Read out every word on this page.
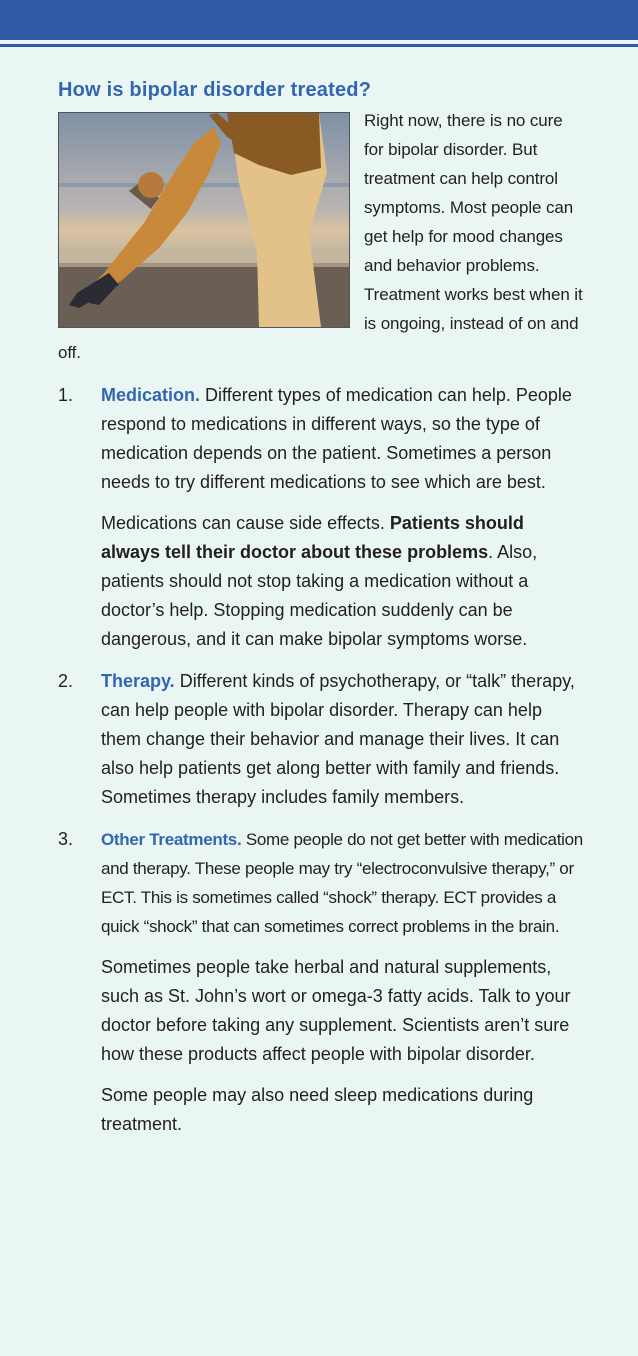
How is bipolar disorder treated?
Right now, there is no cure for bipolar disorder. But treatment can help control symptoms. Most people can get help for mood changes and behavior problems. Treatment works best when it is ongoing, instead of on and off.
1.	Medication. Different types of medication can help. People respond to medications in different ways, so the type of medication depends on the patient. Sometimes a person needs to try different medications to see which are best.

Medications can cause side effects. Patients should always tell their doctor about these problems. Also, patients should not stop taking a medication without a doctor’s help. Stopping medication suddenly can be dangerous, and it can make bipolar symptoms worse.

2.	Therapy. Different kinds of psychotherapy, or “talk” therapy, can help people with bipolar disorder. Therapy can help them change their behavior and manage their lives. It can also help patients get along better with family and friends. Sometimes therapy includes family members.

3.	Other Treatments. Some people do not get better with medication and therapy. These people may try “electroconvulsive therapy,” or ECT. This is sometimes called “shock” therapy. ECT provides a quick “shock” that can sometimes correct problems in the brain.

Sometimes people take herbal and natural supplements, such as St. John’s wort or omega-3 fatty acids. Talk to your doctor before taking any supplement. Scientists aren’t sure how these products affect people with bipolar disorder.

Some people may also need sleep medications during treatment.
